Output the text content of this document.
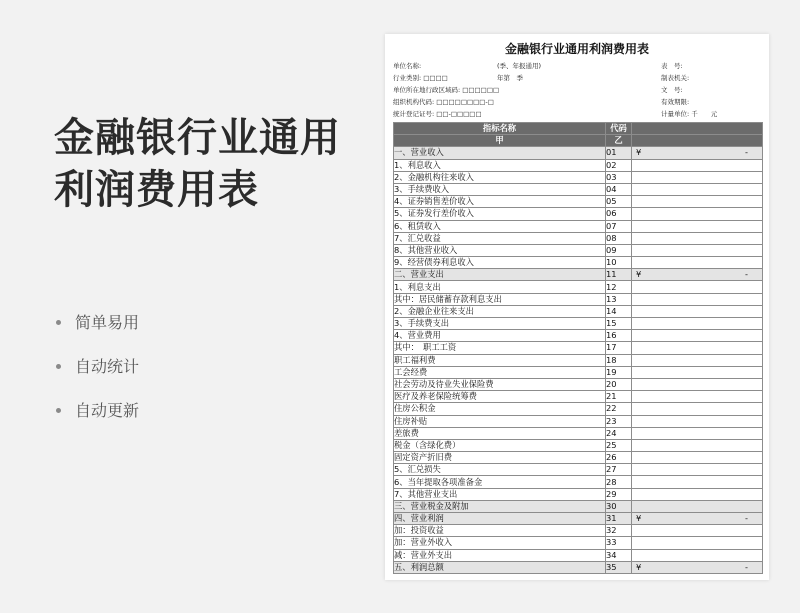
金融银行业通用
利润费用表
简单易用
自动统计
自动更新
金融银行业通用利润费用表
单位名称:	(季、年报通用)	表　号:
行业类别: □□□□	年第　季	制表机关:
单位所在地行政区域码: □□□□□□	文　号:
组织机构代码: □□□□□□□□-□	有效期限:
统计登记证号: □□-□□□□□	计量单位: 千　　元
指标名称	代码	
甲	乙	
一、营业收入	01	¥ -

1、利息收入	02	

2、金融机构往来收入	03	

3、手续费收入	04	

4、证券销售差价收入	05	

5、证券发行差价收入	06	

6、租赁收入	07	

7、汇兑收益	08	

8、其他营业收入	09	

9、经营债券利息收入	10	

二、营业支出	11	¥ -

1、利息支出	12	

其中：居民储蓄存款利息支出	13	

2、金融企业往来支出	14	

3、手续费支出	15	

4、营业费用	16	

其中：　职工工资	17	

职工福利费	18	

工会经费	19	

社会劳动及待业失业保险费	20	

医疗及养老保险统筹费	21	

住房公积金	22	

住房补贴	23	

差旅费	24	

税金（含绿化费）	25	

固定资产折旧费	26	

5、汇兑损失	27	

6、当年提取各项准备金	28	

7、其他营业支出	29	

三、营业税金及附加	30	

四、营业利润	31	¥ -

加：投资收益	32	

加：营业外收入	33	

减：营业外支出	34	

五、利润总额	35	¥ -
